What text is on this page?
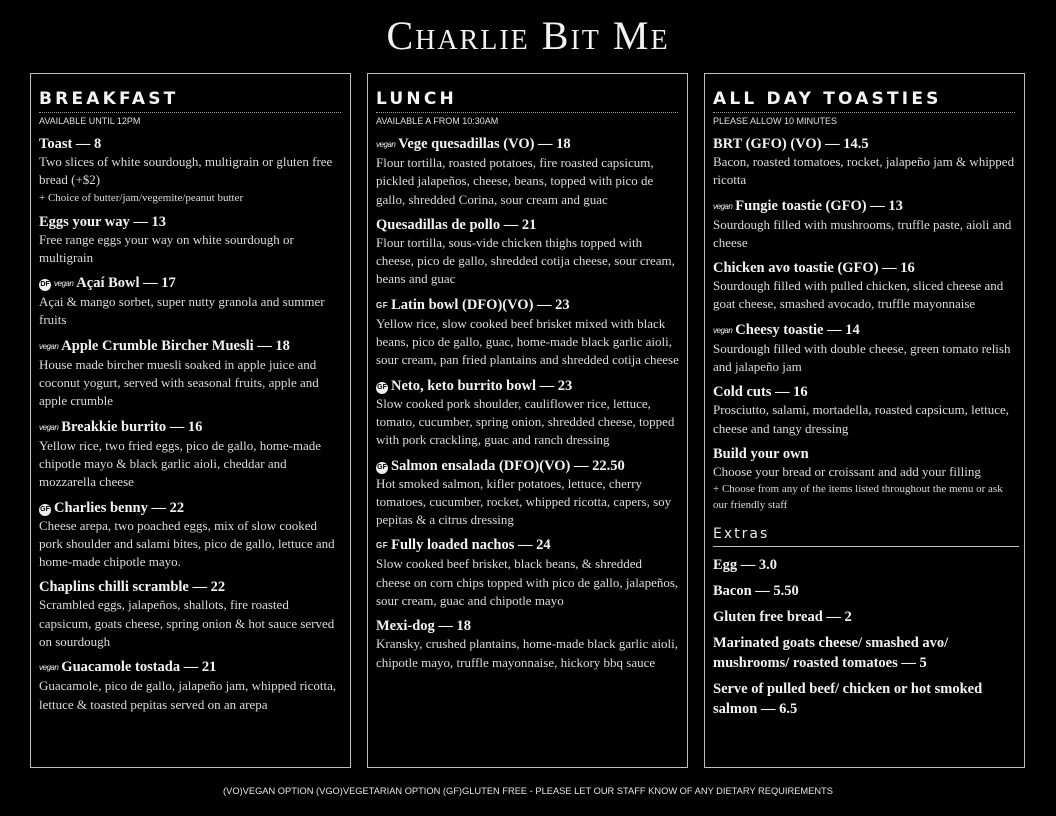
Charlie Bit Me
BREAKFAST
AVAILABLE UNTIL 12PM
Toast — 8
Two slices of white sourdough, multigrain or gluten free bread (+$2)
+ Choice of butter/jam/vegemite/peanut butter
Eggs your way — 13
Free range eggs your way on white sourdough or multigrain
DF vegan Açaí Bowl — 17
Açai & mango sorbet, super nutty granola and summer fruits
vegan Apple Crumble Bircher Muesli — 18
House made bircher muesli soaked in apple juice and coconut yogurt, served with seasonal fruits, apple and apple crumble
vegan Breakkie burrito — 16
Yellow rice, two fried eggs, pico de gallo, home-made chipotle mayo & black garlic aioli, cheddar and mozzarella cheese
GF Charlies benny — 22
Cheese arepa, two poached eggs, mix of slow cooked pork shoulder and salami bites, pico de gallo, lettuce and home-made chipotle mayo.
Chaplins chilli scramble — 22
Scrambled eggs, jalapeños, shallots, fire roasted capsicum, goats cheese, spring onion & hot sauce served on sourdough
vegan Guacamole tostada — 21
Guacamole, pico de gallo, jalapeño jam, whipped ricotta, lettuce & toasted pepitas served on an arepa
LUNCH
AVAILABLE A FROM 10:30AM
vegan Vege quesadillas (VO) — 18
Flour tortilla, roasted potatoes, fire roasted capsicum, pickled jalapeños, cheese, beans, topped with pico de gallo, shredded Corina, sour cream and guac
Quesadillas de pollo — 21
Flour tortilla, sous-vide chicken thighs topped with cheese, pico de gallo, shredded cotija cheese, sour cream, beans and guac
GF Latin bowl (DFO)(VO) — 23
Yellow rice, slow cooked beef brisket mixed with black beans, pico de gallo, guac, home-made black garlic aioli, sour cream, pan fried plantains and shredded cotija cheese
GF Neto, keto burrito bowl — 23
Slow cooked pork shoulder, cauliflower rice, lettuce, tomato, cucumber, spring onion, shredded cheese, topped with pork crackling, guac and ranch dressing
GF Salmon ensalada (DFO)(VO) — 22.50
Hot smoked salmon, kifler potatoes, lettuce, cherry tomatoes, cucumber, rocket, whipped ricotta, capers, soy pepitas & a citrus dressing
GF Fully loaded nachos — 24
Slow cooked beef brisket, black beans, & shredded cheese on corn chips topped with pico de gallo, jalapeños, sour cream, guac and chipotle mayo
Mexi-dog — 18
Kransky, crushed plantains, home-made black garlic aioli, chipotle mayo, truffle mayonnaise, hickory bbq sauce
ALL DAY TOASTIES
PLEASE ALLOW 10 MINUTES
BRT (GFO) (VO) — 14.5
Bacon, roasted tomatoes, rocket, jalapeño jam & whipped ricotta
vegan Fungie toastie (GFO) — 13
Sourdough filled with mushrooms, truffle paste, aioli and cheese
Chicken avo toastie (GFO) — 16
Sourdough filled with pulled chicken, sliced cheese and goat cheese, smashed avocado, truffle mayonnaise
vegan Cheesy toastie — 14
Sourdough filled with double cheese, green tomato relish and jalapeño jam
Cold cuts — 16
Prosciutto, salami, mortadella, roasted capsicum, lettuce, cheese and tangy dressing
Build your own
Choose your bread or croissant and add your filling
+ Choose from any of the items listed throughout the menu or ask our friendly staff
Extras
Egg — 3.0
Bacon — 5.50
Gluten free bread — 2
Marinated goats cheese/ smashed avo/ mushrooms/ roasted tomatoes — 5
Serve of pulled beef/ chicken or hot smoked salmon — 6.5
(VO)VEGAN OPTION (VGO)VEGETARIAN OPTION (GF)GLUTEN FREE - PLEASE LET OUR STAFF KNOW OF ANY DIETARY REQUIREMENTS
